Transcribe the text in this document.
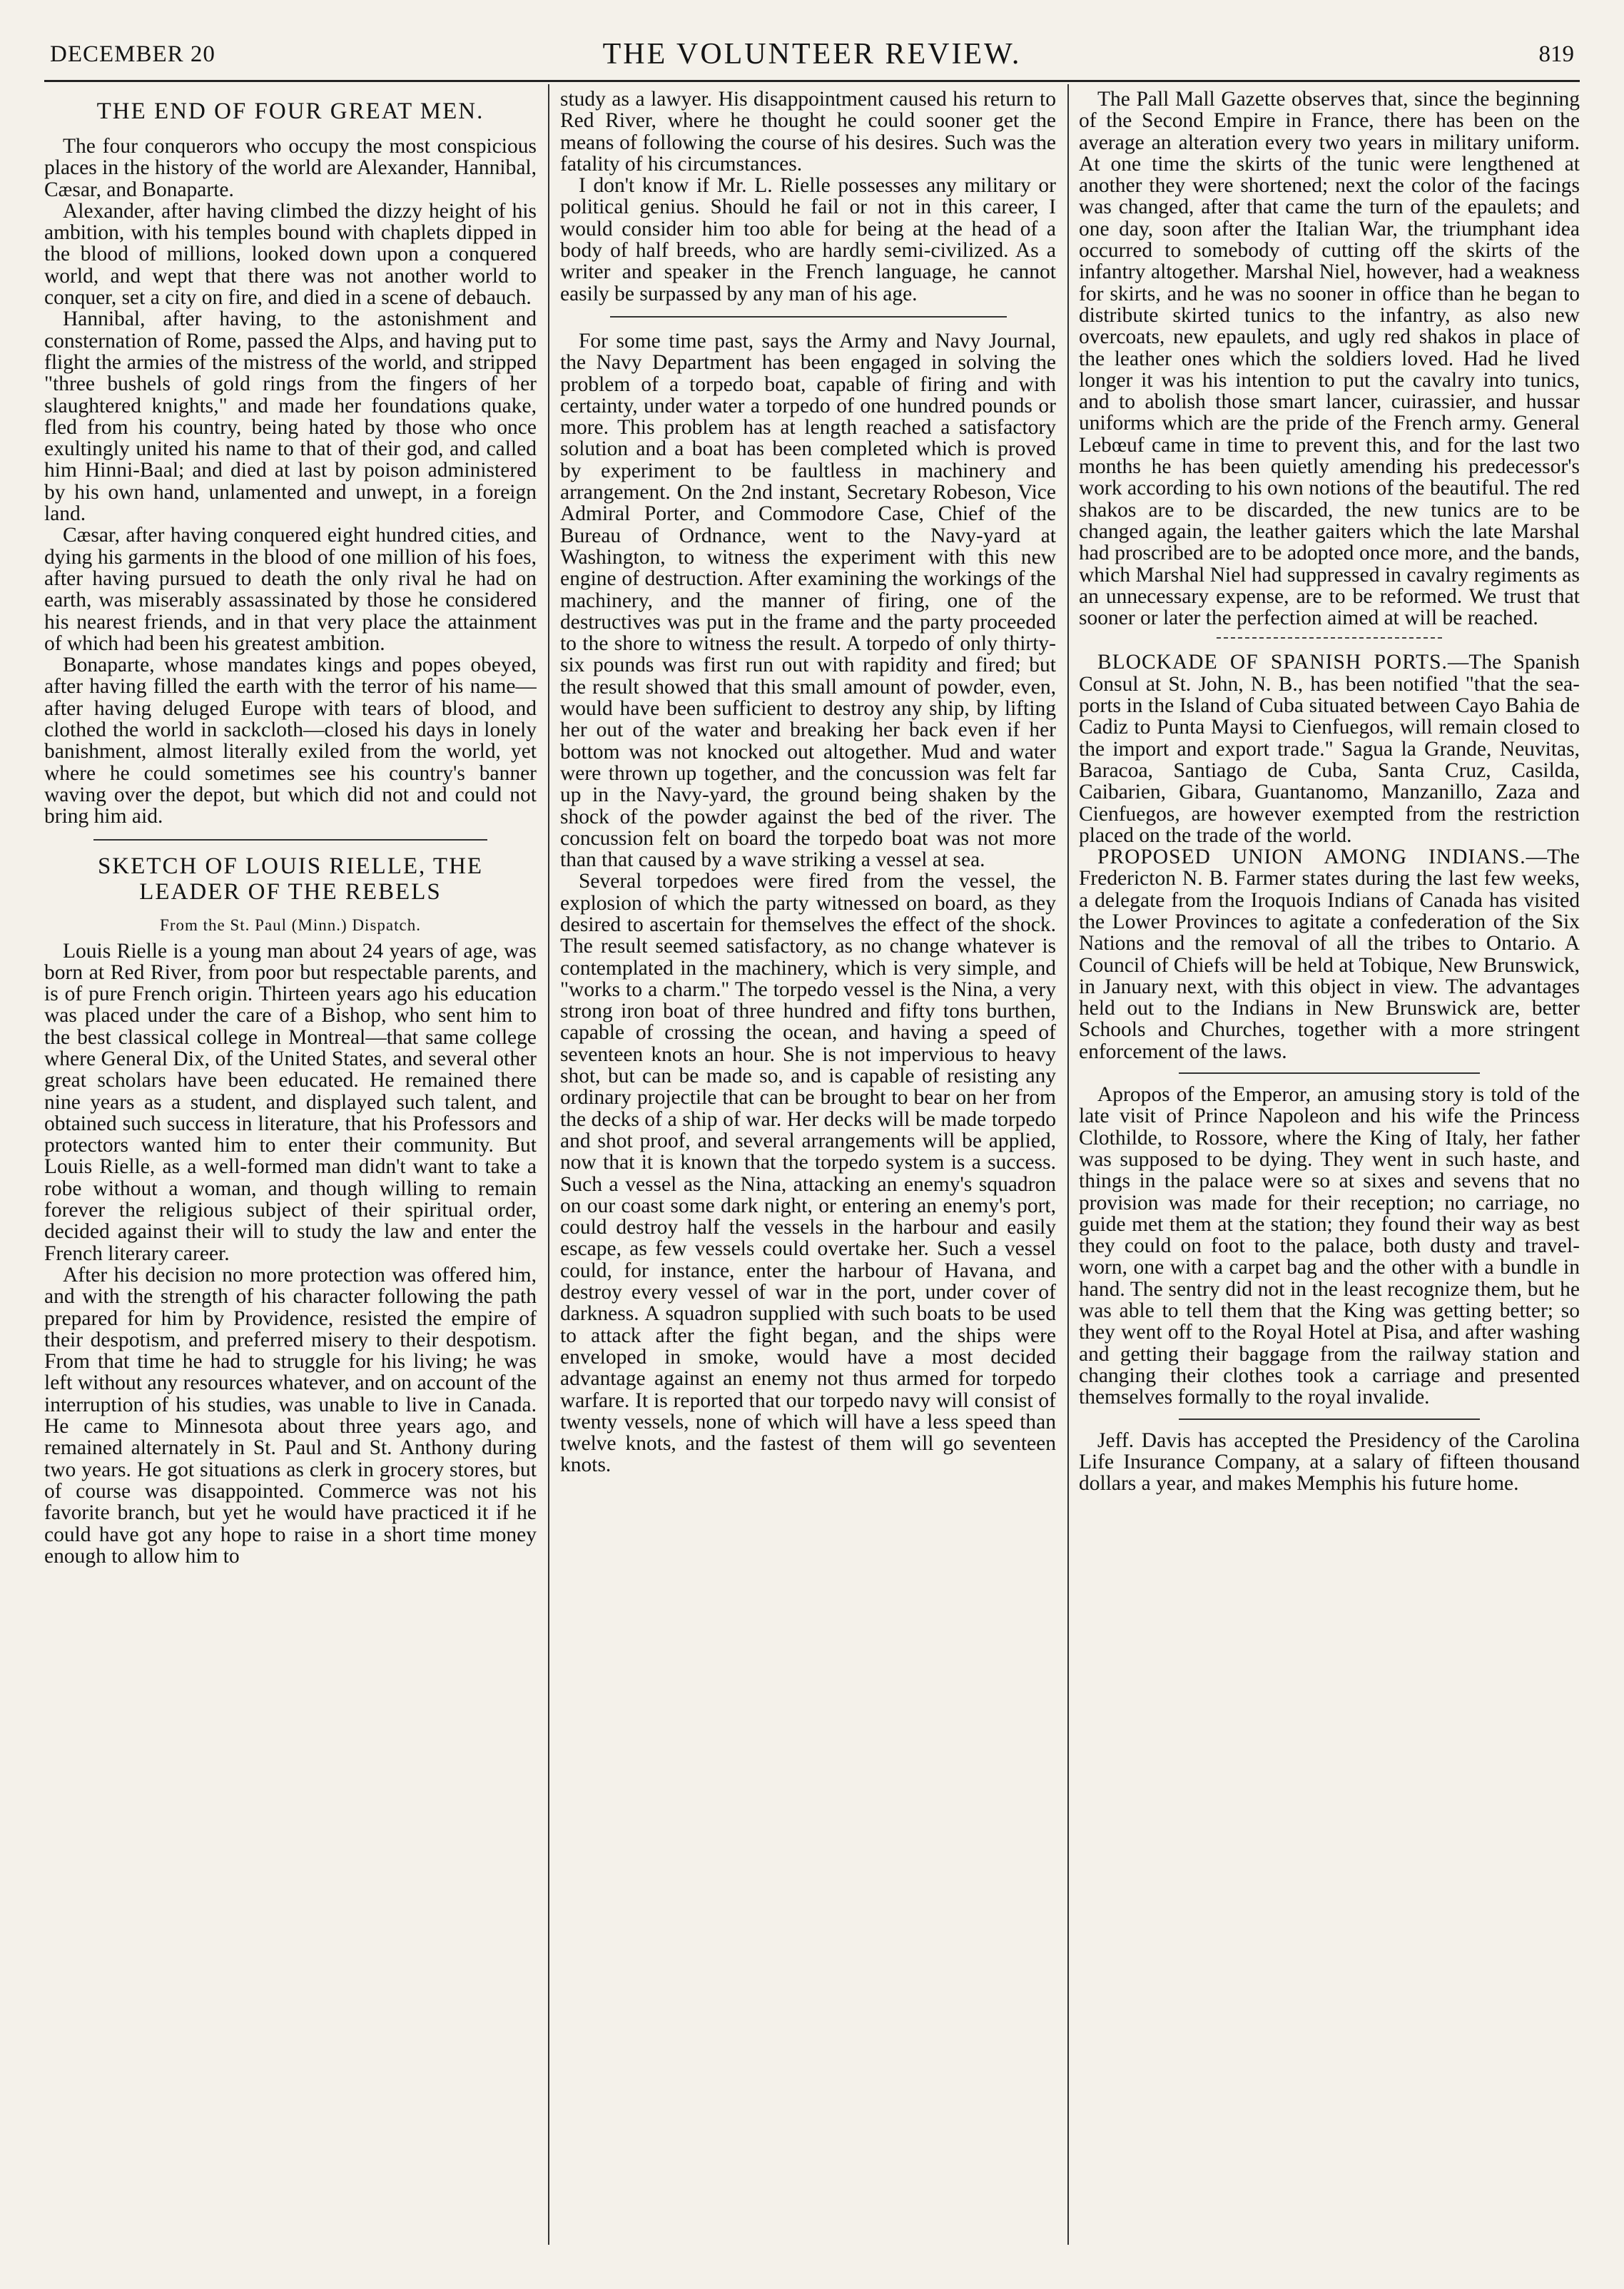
DECEMBER 20	THE VOLUNTEER REVIEW.	819
THE END OF FOUR GREAT MEN.

The four conquerors who occupy the most conspicious places in the history of the world are Alexander, Hannibal, Cæsar, and Bonaparte.

Alexander, after having climbed the dizzy height of his ambition, with his temples bound with chaplets dipped in the blood of millions, looked down upon a conquered world, and wept that there was not another world to conquer, set a city on fire, and died in a scene of debauch.

Hannibal, after having, to the astonishment and consternation of Rome, passed the Alps, and having put to flight the armies of the mistress of the world, and stripped "three bushels of gold rings from the fingers of her slaughtered knights," and made her foundations quake, fled from his country, being hated by those who once exultingly united his name to that of their god, and called him Hinni-Baal; and died at last by poison administered by his own hand, unlamented and unwept, in a foreign land.

Cæsar, after having conquered eight hundred cities, and dying his garments in the blood of one million of his foes, after having pursued to death the only rival he had on earth, was miserably assassinated by those he considered his nearest friends, and in that very place the attainment of which had been his greatest ambition.

Bonaparte, whose mandates kings and popes obeyed, after having filled the earth with the terror of his name—after having deluged Europe with tears of blood, and clothed the world in sackcloth—closed his days in lonely banishment, almost literally exiled from the world, yet where he could sometimes see his country's banner waving over the depot, but which did not and could not bring him aid.

SKETCH OF LOUIS RIELLE, THE LEADER OF THE REBELS
From the St. Paul (Minn.) Dispatch.

Louis Rielle is a young man about 24 years of age, was born at Red River, from poor but respectable parents, and is of pure French origin. Thirteen years ago his education was placed under the care of a Bishop, who sent him to the best classical college in Montreal—that same college where General Dix, of the United States, and several other great scholars have been educated. He remained there nine years as a student, and displayed such talent, and obtained such success in literature, that his Professors and protectors wanted him to enter their community. But Louis Rielle, as a well-formed man didn't want to take a robe without a woman, and though willing to remain forever the religious subject of their spiritual order, decided against their will to study the law and enter the French literary career.

After his decision no more protection was offered him, and with the strength of his character following the path prepared for him by Providence, resisted the empire of their despotism, and preferred misery to their despotism. From that time he had to struggle for his living; he was left without any resources whatever, and on account of the interruption of his studies, was unable to live in Canada. He came to Minnesota about three years ago, and remained alternately in St. Paul and St. Anthony during two years. He got situations as clerk in grocery stores, but of course was disappointed. Commerce was not his favorite branch, but yet he would have practiced it if he could have got any hope to raise in a short time money enough to allow him to

study as a lawyer. His disappointment caused his return to Red River, where he thought he could sooner get the means of following the course of his desires. Such was the fatality of his circumstances.

I don't know if Mr. L. Rielle possesses any military or political genius. Should he fail or not in this career, I would consider him too able for being at the head of a body of half breeds, who are hardly semi-civilized. As a writer and speaker in the French language, he cannot easily be surpassed by any man of his age.

For some time past, says the Army and Navy Journal, the Navy Department has been engaged in solving the problem of a torpedo boat, capable of firing and with certainty, under water a torpedo of one hundred pounds or more. This problem has at length reached a satisfactory solution and a boat has been completed which is proved by experiment to be faultless in machinery and arrangement. On the 2nd instant, Secretary Robeson, Vice Admiral Porter, and Commodore Case, Chief of the Bureau of Ordnance, went to the Navy-yard at Washington, to witness the experiment with this new engine of destruction. After examining the workings of the machinery, and the manner of firing, one of the destructives was put in the frame and the party proceeded to the shore to witness the result. A torpedo of only thirty-six pounds was first run out with rapidity and fired; but the result showed that this small amount of powder, even, would have been sufficient to destroy any ship, by lifting her out of the water and breaking her back even if her bottom was not knocked out altogether. Mud and water were thrown up together, and the concussion was felt far up in the Navy-yard, the ground being shaken by the shock of the powder against the bed of the river. The concussion felt on board the torpedo boat was not more than that caused by a wave striking a vessel at sea.

Several torpedoes were fired from the vessel, the explosion of which the party witnessed on board, as they desired to ascertain for themselves the effect of the shock. The result seemed satisfactory, as no change whatever is contemplated in the machinery, which is very simple, and "works to a charm." The torpedo vessel is the Nina, a very strong iron boat of three hundred and fifty tons burthen, capable of crossing the ocean, and having a speed of seventeen knots an hour. She is not impervious to heavy shot, but can be made so, and is capable of resisting any ordinary projectile that can be brought to bear on her from the decks of a ship of war. Her decks will be made torpedo and shot proof, and several arrangements will be applied, now that it is known that the torpedo system is a success. Such a vessel as the Nina, attacking an enemy's squadron on our coast some dark night, or entering an enemy's port, could destroy half the vessels in the harbour and easily escape, as few vessels could overtake her. Such a vessel could, for instance, enter the harbour of Havana, and destroy every vessel of war in the port, under cover of darkness. A squadron supplied with such boats to be used to attack after the fight began, and the ships were enveloped in smoke, would have a most decided advantage against an enemy not thus armed for torpedo warfare. It is reported that our torpedo navy will consist of twenty vessels, none of which will have a less speed than twelve knots, and the fastest of them will go seventeen knots.

The Pall Mall Gazette observes that, since the beginning of the Second Empire in France, there has been on the average an alteration every two years in military uniform. At one time the skirts of the tunic were lengthened at another they were shortened; next the color of the facings was changed, after that came the turn of the epaulets; and one day, soon after the Italian War, the triumphant idea occurred to somebody of cutting off the skirts of the infantry altogether. Marshal Niel, however, had a weakness for skirts, and he was no sooner in office than he began to distribute skirted tunics to the infantry, as also new overcoats, new epaulets, and ugly red shakos in place of the leather ones which the soldiers loved. Had he lived longer it was his intention to put the cavalry into tunics, and to abolish those smart lancer, cuirassier, and hussar uniforms which are the pride of the French army. General Lebœuf came in time to prevent this, and for the last two months he has been quietly amending his predecessor's work according to his own notions of the beautiful. The red shakos are to be discarded, the new tunics are to be changed again, the leather gaiters which the late Marshal had proscribed are to be adopted once more, and the bands, which Marshal Niel had suppressed in cavalry regiments as an unnecessary expense, are to be reformed. We trust that sooner or later the perfection aimed at will be reached.

BLOCKADE OF SPANISH PORTS.—The Spanish Consul at St. John, N. B., has been notified "that the sea-ports in the Island of Cuba situated between Cayo Bahia de Cadiz to Punta Maysi to Cienfuegos, will remain closed to the import and export trade." Sagua la Grande, Neuvitas, Baracoa, Santiago de Cuba, Santa Cruz, Casilda, Caibarien, Gibara, Guantanomo, Manzanillo, Zaza and Cienfuegos, are however exempted from the restriction placed on the trade of the world.

PROPOSED UNION AMONG INDIANS.—The Fredericton N. B. Farmer states during the last few weeks, a delegate from the Iroquois Indians of Canada has visited the Lower Provinces to agitate a confederation of the Six Nations and the removal of all the tribes to Ontario. A Council of Chiefs will be held at Tobique, New Brunswick, in January next, with this object in view. The advantages held out to the Indians in New Brunswick are, better Schools and Churches, together with a more stringent enforcement of the laws.

Apropos of the Emperor, an amusing story is told of the late visit of Prince Napoleon and his wife the Princess Clothilde, to Rossore, where the King of Italy, her father was supposed to be dying. They went in such haste, and things in the palace were so at sixes and sevens that no provision was made for their reception; no carriage, no guide met them at the station; they found their way as best they could on foot to the palace, both dusty and travel-worn, one with a carpet bag and the other with a bundle in hand. The sentry did not in the least recognize them, but he was able to tell them that the King was getting better; so they went off to the Royal Hotel at Pisa, and after washing and getting their baggage from the railway station and changing their clothes took a carriage and presented themselves formally to the royal invalide.

Jeff. Davis has accepted the Presidency of the Carolina Life Insurance Company, at a salary of fifteen thousand dollars a year, and makes Memphis his future home.
